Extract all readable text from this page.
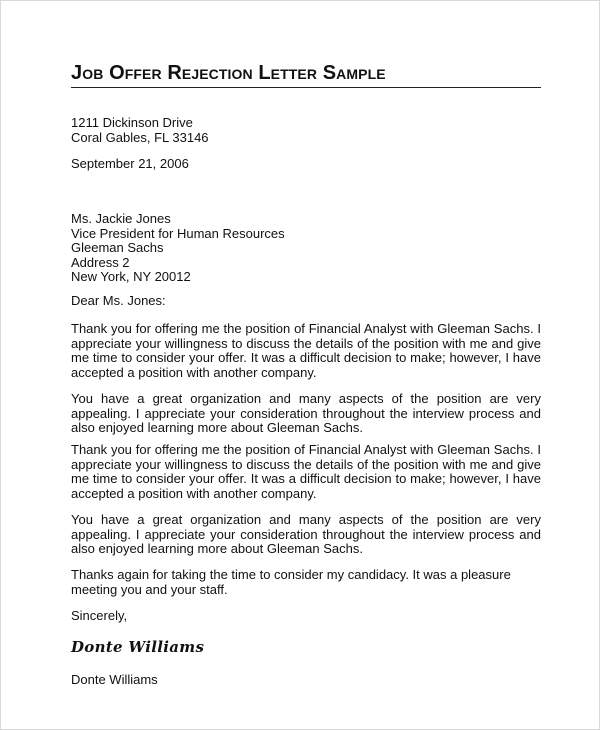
Job Offer Rejection Letter Sample

1211 Dickinson Drive

Coral Gables, FL 33146

September 21, 2006

Ms. Jackie Jones

Vice President for Human Resources

Gleeman Sachs

Address 2

New York, NY 20012

Dear Ms. Jones:

Thank you for offering me the position of Financial Analyst with Gleeman Sachs. I appreciate your willingness to discuss the details of the position with me and give me time to consider your offer. It was a difficult decision to make; however, I have accepted a position with another company.

You have a great organization and many aspects of the position are very appealing. I appreciate your consideration throughout the interview process and also enjoyed learning more about Gleeman Sachs.

Thank you for offering me the position of Financial Analyst with Gleeman Sachs. I appreciate your willingness to discuss the details of the position with me and give me time to consider your offer. It was a difficult decision to make; however, I have accepted a position with another company.

You have a great organization and many aspects of the position are very appealing. I appreciate your consideration throughout the interview process and also enjoyed learning more about Gleeman Sachs.

Thanks again for taking the time to consider my candidacy. It was a pleasure meeting you and your staff.

Sincerely,

Donte Williams

Donte Williams
